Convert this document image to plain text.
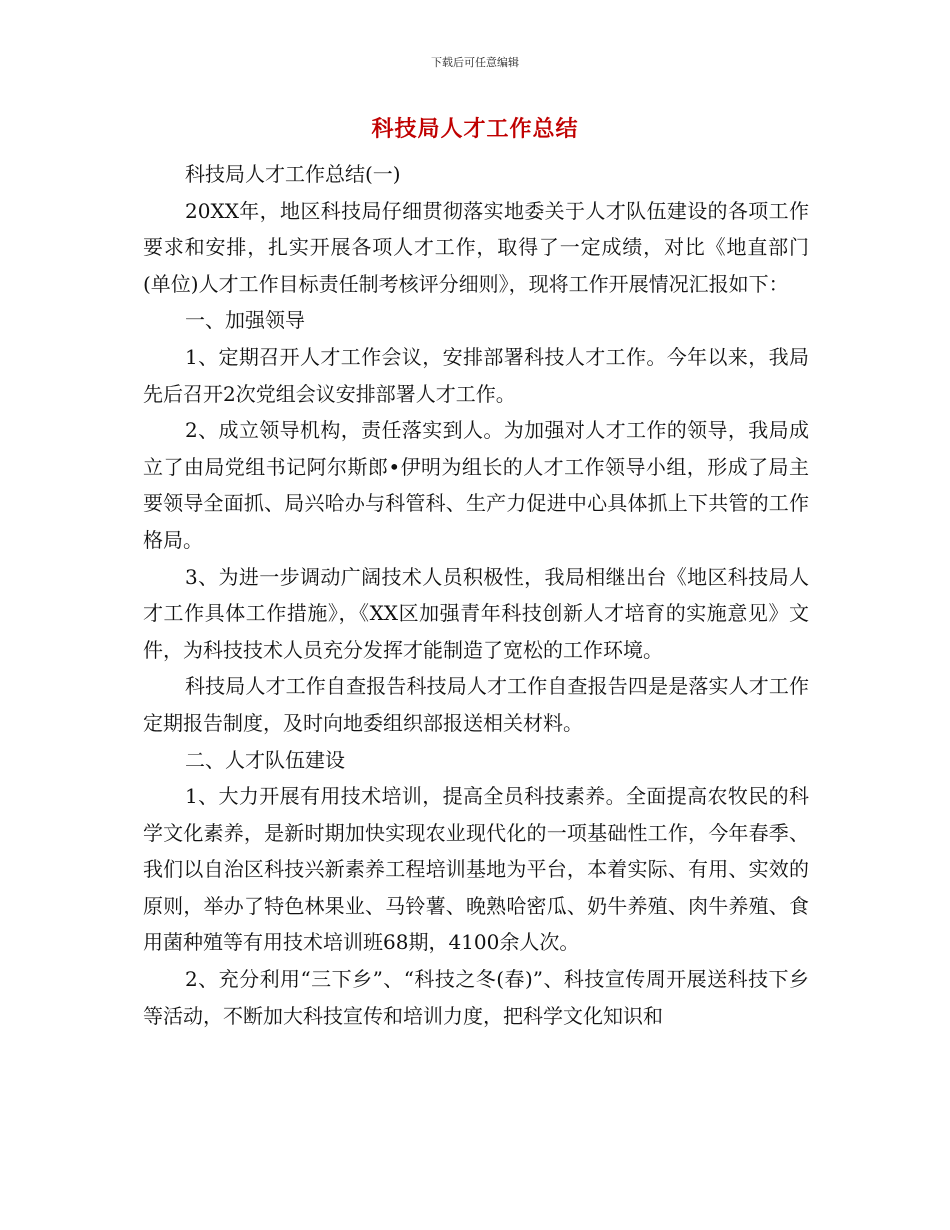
下载后可任意编辑
科技局人才工作总结

科技局人才工作总结(一)

20XX年，地区科技局仔细贯彻落实地委关于人才队伍建设的各项工作要求和安排，扎实开展各项人才工作，取得了一定成绩，对比《地直部门(单位)人才工作目标责任制考核评分细则》，现将工作开展情况汇报如下：

一、加强领导

1、定期召开人才工作会议，安排部署科技人才工作。今年以来，我局先后召开2次党组会议安排部署人才工作。

2、成立领导机构，责任落实到人。为加强对人才工作的领导，我局成立了由局党组书记阿尔斯郎•伊明为组长的人才工作领导小组，形成了局主要领导全面抓、局兴哈办与科管科、生产力促进中心具体抓上下共管的工作格局。

3、为进一步调动广阔技术人员积极性，我局相继出台《地区科技局人才工作具体工作措施》，《XX区加强青年科技创新人才培育的实施意见》文件，为科技技术人员充分发挥才能制造了宽松的工作环境。

科技局人才工作自查报告科技局人才工作自查报告四是是落实人才工作定期报告制度，及时向地委组织部报送相关材料。

二、人才队伍建设

1、大力开展有用技术培训，提高全员科技素养。全面提高农牧民的科学文化素养，是新时期加快实现农业现代化的一项基础性工作，今年春季、我们以自治区科技兴新素养工程培训基地为平台，本着实际、有用、实效的原则，举办了特色林果业、马铃薯、晚熟哈密瓜、奶牛养殖、肉牛养殖、食用菌种殖等有用技术培训班68期，4100余人次。

2、充分利用“三下乡”、“科技之冬(春)”、科技宣传周开展送科技下乡等活动，不断加大科技宣传和培训力度，把科学文化知识和
